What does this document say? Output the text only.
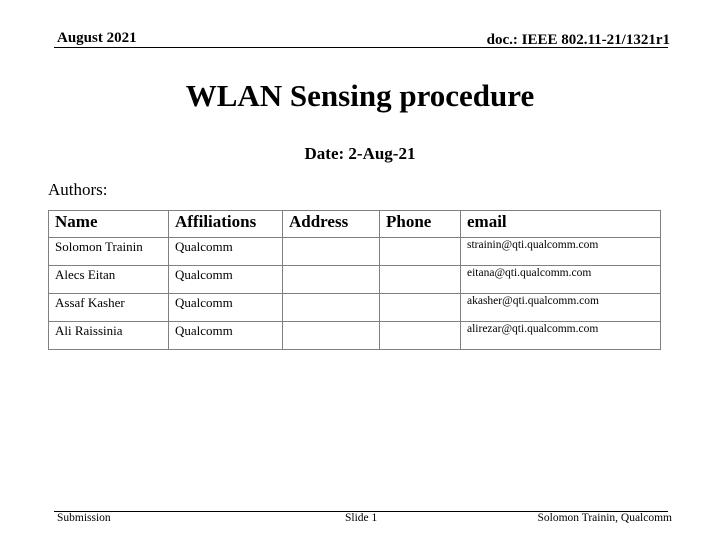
August 2021	doc.: IEEE 802.11-21/1321r1
WLAN Sensing procedure
Date: 2-Aug-21
Authors:
Name	Affiliations	Address	Phone	email
Solomon Trainin	Qualcomm			strainin@qti.qualcomm.com
Alecs Eitan	Qualcomm			eitana@qti.qualcomm.com
Assaf Kasher	Qualcomm			akasher@qti.qualcomm.com
Ali Raissinia	Qualcomm			alirezar@qti.qualcomm.com
Submission	Slide 1	Solomon Trainin, Qualcomm
